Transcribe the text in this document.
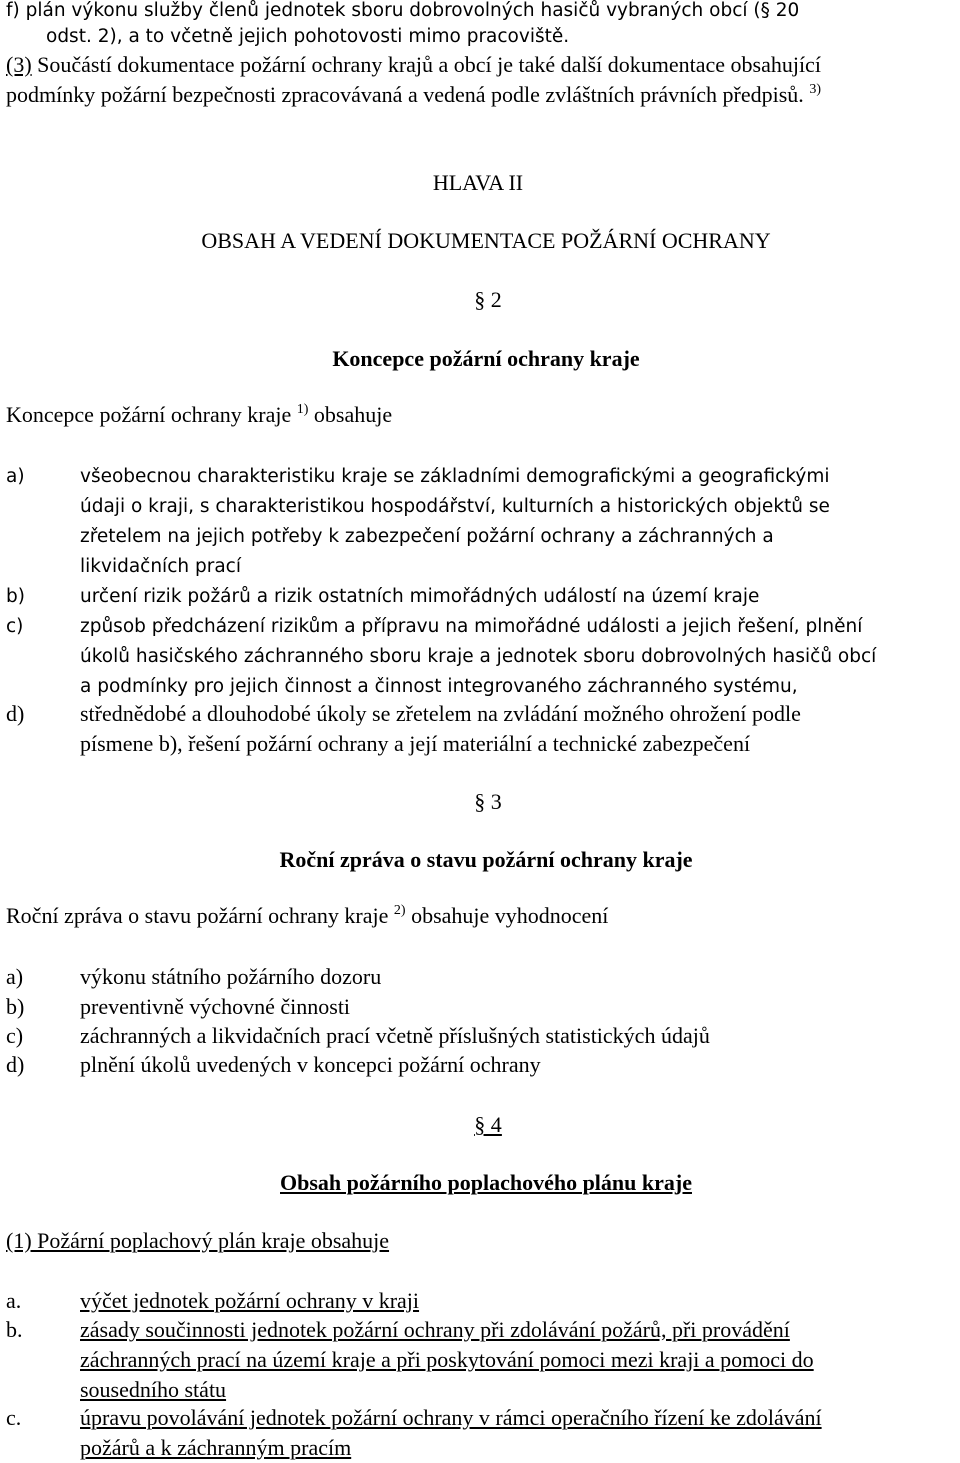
f) plán výkonu služby členů jednotek sboru dobrovolných hasičů vybraných obcí (§ 20

odst. 2), a to včetně jejich pohotovosti mimo pracoviště.

(3) Součástí dokumentace požární ochrany krajů a obcí je také další dokumentace obsahující

podmínky požární bezpečnosti zpracovávaná a vedená podle zvláštních právních předpisů. $^{3)}$

HLAVA II

OBSAH A VEDENÍ DOKUMENTACE POŽÁRNÍ OCHRANY

§ 2

Koncepce požární ochrany kraje

Koncepce požární ochrany kraje $^{1)}$ obsahuje

a)	všeobecnou charakteristiku kraje se základními demografickými a geografickými
údaji o kraji, s charakteristikou hospodářství, kulturních a historických objektů se
zřetelem na jejich potřeby k zabezpečení požární ochrany a záchranných a
likvidačních prací
b)	určení rizik požárů a rizik ostatních mimořádných událostí na území kraje
c)	způsob předcházení rizikům a přípravu na mimořádné události a jejich řešení, plnění
úkolů hasičského záchranného sboru kraje a jednotek sboru dobrovolných hasičů obcí
a podmínky pro jejich činnost a činnost integrovaného záchranného systému,
d)	střednědobé a dlouhodobé úkoly se zřetelem na zvládání možného ohrožení podle
písmene b), řešení požární ochrany a její materiální a technické zabezpečení

§ 3

Roční zpráva o stavu požární ochrany kraje

Roční zpráva o stavu požární ochrany kraje $^{2)}$ obsahuje vyhodnocení

a)	výkonu státního požárního dozoru
b)	preventivně výchovné činnosti
c)	záchranných a likvidačních prací včetně příslušných statistických údajů
d)	plnění úkolů uvedených v koncepci požární ochrany

§ 4

Obsah požárního poplachového plánu kraje

(1) Požární poplachový plán kraje obsahuje

a.	výčet jednotek požární ochrany v kraji
b.	zásady součinnosti jednotek požární ochrany při zdolávání požárů, při provádění
záchranných prací na území kraje a při poskytování pomoci mezi kraji a pomoci do
sousedního státu
c.	úpravu povolávání jednotek požární ochrany v rámci operačního řízení ke zdolávání
požárů a k záchranným pracím
